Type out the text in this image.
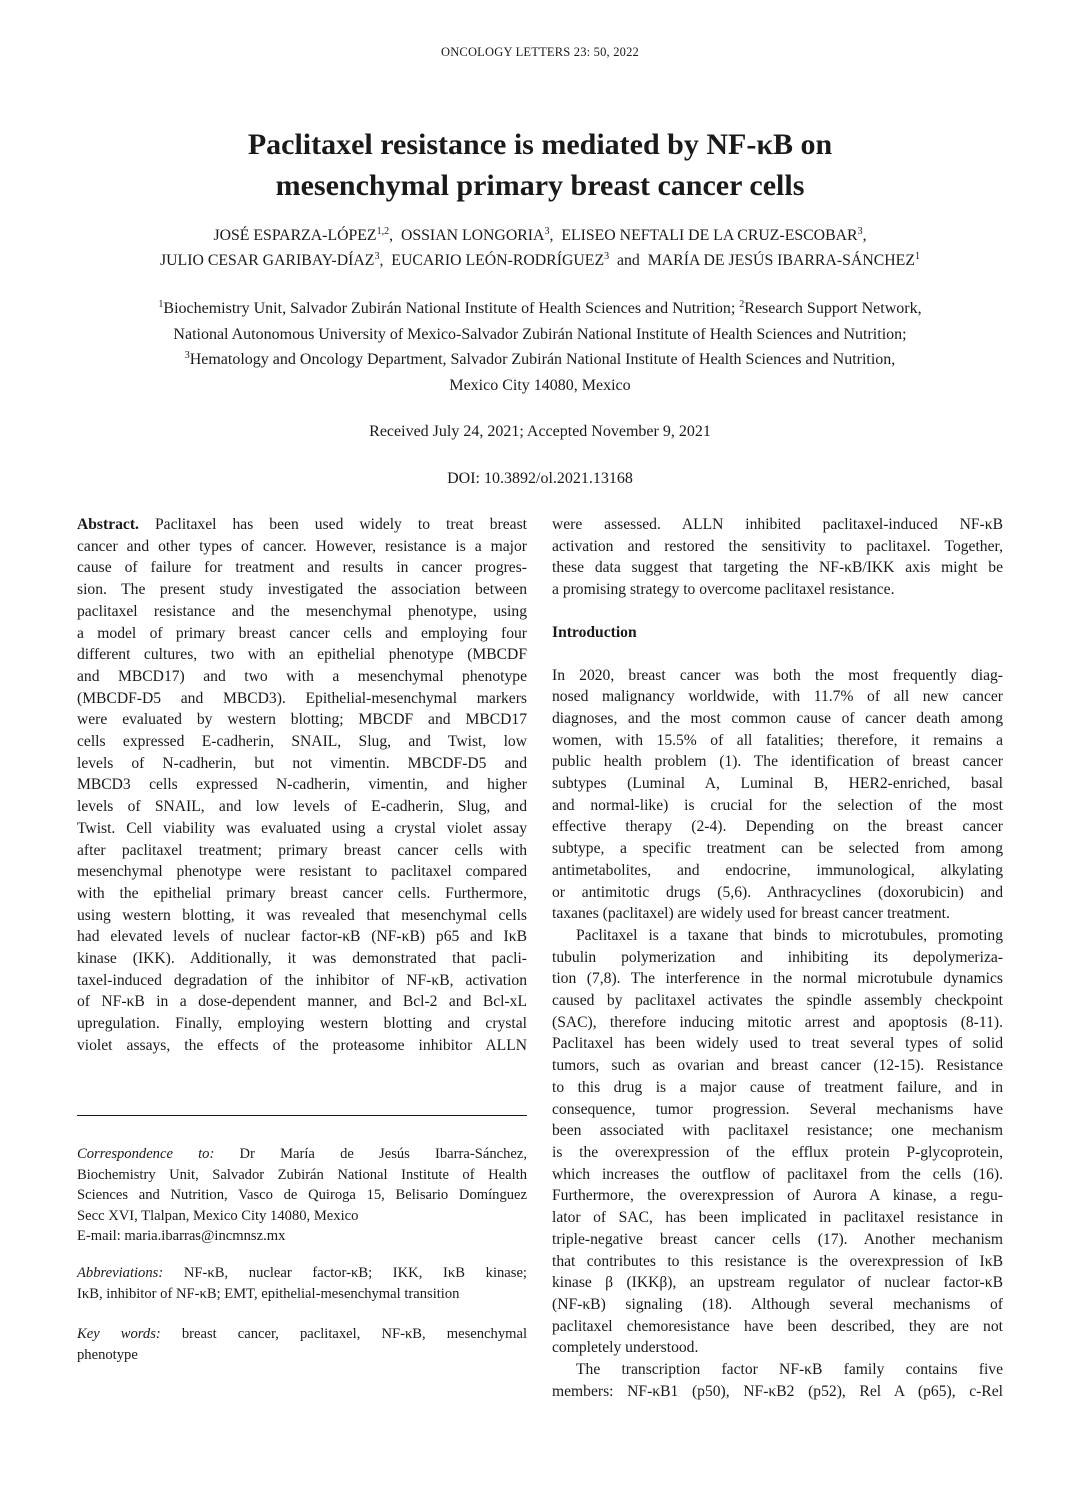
ONCOLOGY LETTERS 23: 50, 2022
Paclitaxel resistance is mediated by NF-κB on
mesenchymal primary breast cancer cells
JOSÉ ESPARZA-LÓPEZ$^{1,2}$,  OSSIAN LONGORIA$^3$,  ELISEO NEFTALI DE LA CRUZ-ESCOBAR$^3$,
JULIO CESAR GARIBAY-DÍAZ$^3$,  EUCARIO LEÓN-RODRÍGUEZ$^3$ and MARÍA DE JESÚS IBARRA-SÁNCHEZ$^1$
$^1$Biochemistry Unit, Salvador Zubirán National Institute of Health Sciences and Nutrition; $^2$Research Support Network,
National Autonomous University of Mexico-Salvador Zubirán National Institute of Health Sciences and Nutrition;
$^3$Hematology and Oncology Department, Salvador Zubirán National Institute of Health Sciences and Nutrition,
Mexico City 14080, Mexico
Received July 24, 2021; Accepted November 9, 2021
DOI: 10.3892/ol.2021.13168
Abstract. Paclitaxel has been used widely to treat breast
cancer and other types of cancer. However, resistance is a major
cause of failure for treatment and results in cancer progres-
sion. The present study investigated the association between
paclitaxel resistance and the mesenchymal phenotype, using
a model of primary breast cancer cells and employing four
different cultures, two with an epithelial phenotype (MBCDF
and MBCD17) and two with a mesenchymal phenotype
(MBCDF-D5 and MBCD3). Epithelial-mesenchymal markers
were evaluated by western blotting; MBCDF and MBCD17
cells expressed E-cadherin, SNAIL, Slug, and Twist, low
levels of N-cadherin, but not vimentin. MBCDF-D5 and
MBCD3 cells expressed N-cadherin, vimentin, and higher
levels of SNAIL, and low levels of E-cadherin, Slug, and
Twist. Cell viability was evaluated using a crystal violet assay
after paclitaxel treatment; primary breast cancer cells with
mesenchymal phenotype were resistant to paclitaxel compared
with the epithelial primary breast cancer cells. Furthermore,
using western blotting, it was revealed that mesenchymal cells
had elevated levels of nuclear factor-κB (NF-κB) p65 and IκB
kinase (IKK). Additionally, it was demonstrated that pacli-
taxel-induced degradation of the inhibitor of NF-κB, activation
of NF-κB in a dose-dependent manner, and Bcl-2 and Bcl-xL
upregulation. Finally, employing western blotting and crystal
violet assays, the effects of the proteasome inhibitor ALLN
Correspondence to: Dr María de Jesús Ibarra-Sánchez,
Biochemistry Unit, Salvador Zubirán National Institute of Health
Sciences and Nutrition, Vasco de Quiroga 15, Belisario Domínguez
Secc XVI, Tlalpan, Mexico City 14080, Mexico
E-mail: maria.ibarras@incmnsz.mx
Abbreviations: NF-κB, nuclear factor-κB; IKK, IκB kinase;
IκB, inhibitor of NF-κB; EMT, epithelial-mesenchymal transition
Key words: breast cancer, paclitaxel, NF-κB, mesenchymal
phenotype
were assessed. ALLN inhibited paclitaxel-induced NF-κB
activation and restored the sensitivity to paclitaxel. Together,
these data suggest that targeting the NF-κB/IKK axis might be
a promising strategy to overcome paclitaxel resistance.
Introduction
In 2020, breast cancer was both the most frequently diag-
nosed malignancy worldwide, with 11.7% of all new cancer
diagnoses, and the most common cause of cancer death among
women, with 15.5% of all fatalities; therefore, it remains a
public health problem (1). The identification of breast cancer
subtypes (Luminal A, Luminal B, HER2-enriched, basal
and normal-like) is crucial for the selection of the most
effective therapy (2-4). Depending on the breast cancer
subtype, a specific treatment can be selected from among
antimetabolites, and endocrine, immunological, alkylating
or antimitotic drugs (5,6). Anthracyclines (doxorubicin) and
taxanes (paclitaxel) are widely used for breast cancer treatment.
Paclitaxel is a taxane that binds to microtubules, promoting
tubulin polymerization and inhibiting its depolymeriza-
tion (7,8). The interference in the normal microtubule dynamics
caused by paclitaxel activates the spindle assembly checkpoint
(SAC), therefore inducing mitotic arrest and apoptosis (8-11).
Paclitaxel has been widely used to treat several types of solid
tumors, such as ovarian and breast cancer (12-15). Resistance
to this drug is a major cause of treatment failure, and in
consequence, tumor progression. Several mechanisms have
been associated with paclitaxel resistance; one mechanism
is the overexpression of the efflux protein P-glycoprotein,
which increases the outflow of paclitaxel from the cells (16).
Furthermore, the overexpression of Aurora A kinase, a regu-
lator of SAC, has been implicated in paclitaxel resistance in
triple-negative breast cancer cells (17). Another mechanism
that contributes to this resistance is the overexpression of IκB
kinase β (IKKβ), an upstream regulator of nuclear factor-κB
(NF-κB) signaling (18). Although several mechanisms of
paclitaxel chemoresistance have been described, they are not
completely understood.
The transcription factor NF-κB family contains five
members: NF-κB1 (p50), NF-κB2 (p52), Rel A (p65), c-Rel
